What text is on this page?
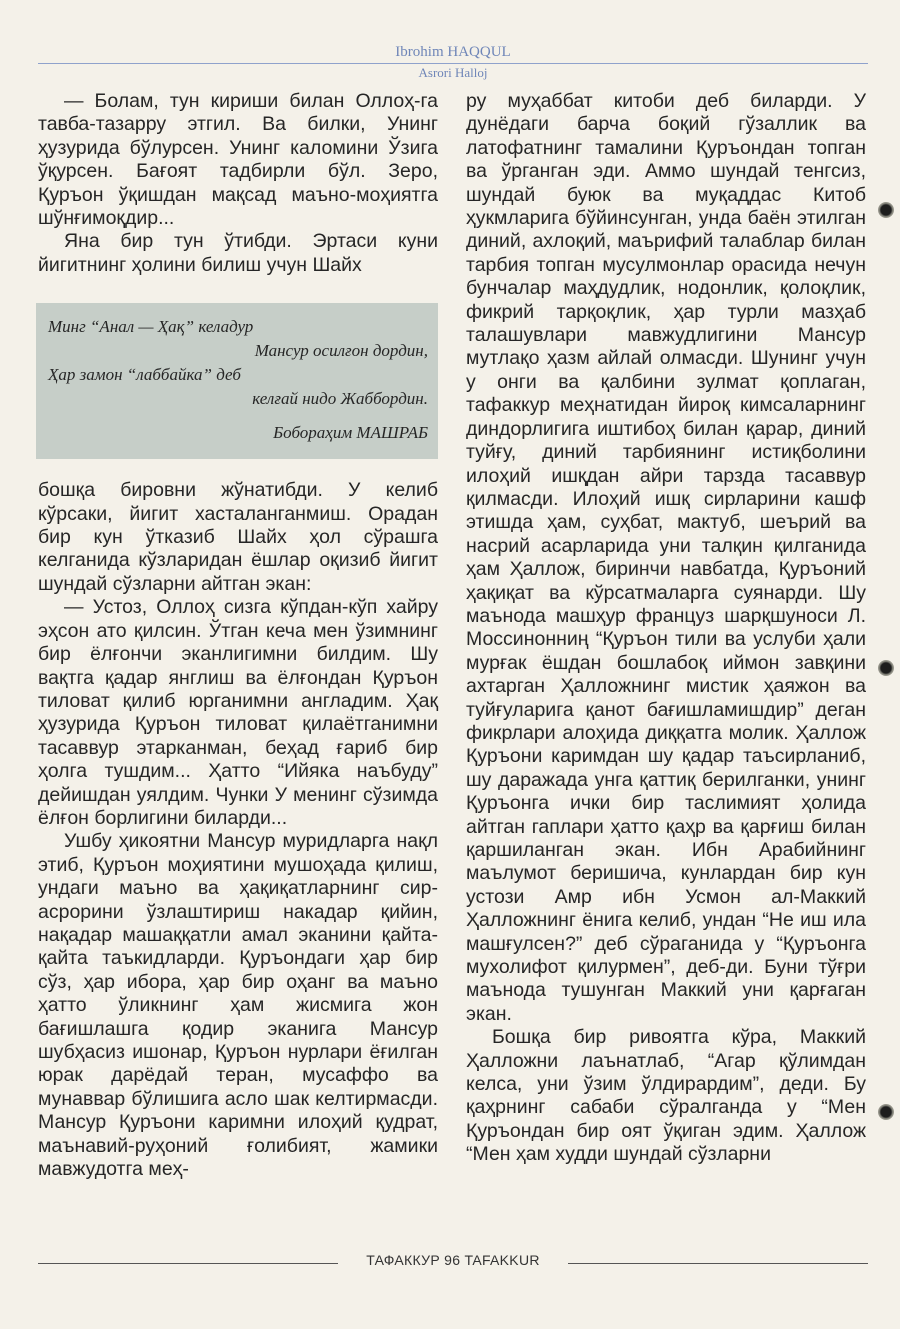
Ibrohim HAQQUL
Asrori Halloj

— Болам, тун кириши билан Оллоҳ-га тавба-тазарру этгил. Ва билки, Унинг ҳузурида бўлурсен. Унинг каломини Ўзига ўқурсен. Бағоят тадбирли бўл. Зеро, Қуръон ўқишдан мақсад маъно-моҳиятга шўнғимоқдир...

Яна бир тун ўтибди. Эртаси куни йигитнинг ҳолини билиш учун Шайх

Минг “Анал — Ҳақ” келадур
Мансур осилғон дордин,
Ҳар замон “лаббайка” деб
келғай нидо Жаббордин.
Бобораҳим МАШРАБ

бошқа бировни жўнатибди. У келиб кўрсаки, йигит хасталанганмиш. Орадан бир кун ўтказиб Шайх ҳол сўрашга келганида кўзларидан ёшлар оқизиб йигит шундай сўзларни айтган экан:

— Устоз, Оллоҳ сизга кўпдан-кўп хайру эҳсон ато қилсин. Ўтган кеча мен ўзимнинг бир ёлғончи эканлигимни билдим. Шу вақтга қадар янглиш ва ёлғондан Қуръон тиловат қилиб юрганимни англадим. Ҳақ ҳузурида Қуръон тиловат қилаётганимни тасаввур этарканман, беҳад ғариб бир ҳолга тушдим... Ҳатто “Ийяка наъбуду” дейишдан уялдим. Чунки У менинг сўзимда ёлғон борлигини биларди...

Ушбу ҳикоятни Мансур муридларга нақл этиб, Қуръон моҳиятини мушоҳада қилиш, ундаги маъно ва ҳақиқатларнинг сир-асрорини ўзлаштириш накадар қийин, нақадар машаққатли амал эканини қайта-қайта таъкидларди. Қуръондаги ҳар бир сўз, ҳар ибора, ҳар бир оҳанг ва маъно ҳатто ўликнинг ҳам жисмига жон бағишлашга қодир эканига Мансур шубҳасиз ишонар, Қуръон нурлари ёғилган юрак дарёдай теран, мусаффо ва мунаввар бўлишига асло шак келтирмасди. Мансур Қуръони каримни илоҳий қудрат, маънавий-руҳоний ғолибият, жамики мавжудотга меҳ-

ру муҳаббат китоби деб биларди. У дунёдаги барча боқий гўзаллик ва латофатнинг тамалини Қуръондан топган ва ўрганган эди. Аммо шундай тенгсиз, шундай буюк ва муқаддас Китоб ҳукмларига бўйинсунган, унда баён этилган диний, ахлоқий, маърифий талаблар билан тарбия топган мусулмонлар орасида нечун бунчалар маҳдудлик, нодонлик, қолоқлик, фикрий тарқоқлик, ҳар турли мазҳаб талашувлари мавжудлигини Мансур мутлақо ҳазм айлай олмасди. Шунинг учун у онги ва қалбини зулмат қоплаган, тафаккур меҳнатидан йироқ кимсаларнинг диндорлигига иштибоҳ билан қарар, диний туйғу, диний тарбиянинг истиқболини илоҳий ишқдан айри тарзда тасаввур қилмасди. Илоҳий ишқ сирларини кашф этишда ҳам, суҳбат, мактуб, шеърий ва насрий асарларида уни талқин қилганида ҳам Ҳаллож, биринчи навбатда, Қуръоний ҳақиқат ва кўрсатмаларга суянарди. Шу маънода машҳур француз шарқшуноси Л. Моссинонниң “Қуръон тили ва услуби ҳали мурғак ёшдан бошлабоқ иймон завқини ахтарган Ҳалложнинг мистик ҳаяжон ва туйғуларига қанот бағишламишдир” деган фикрлари алоҳида диққатга молик. Ҳаллож Қуръони каримдан шу қадар таъсирланиб, шу даражада унга қаттиқ берилганки, унинг Қуръонга ички бир таслимият ҳолида айтган гаплари ҳатто қаҳр ва қарғиш билан қаршиланган экан. Ибн Арабийнинг маълумот беришича, кунлардан бир кун устози Амр ибн Усмон ал-Маккий Ҳалложнинг ёнига келиб, ундан “Не иш ила машғулсен?” деб сўраганида у “Қуръонга мухолифот қилурмен”, деб-ди. Буни тўғри маънода тушунган Маккий уни қарғаган экан.

Бошқа бир ривоятга кўра, Маккий Ҳалложни лаънатлаб, “Агар қўлимдан келса, уни ўзим ўлдирардим”, деди. Бу қаҳрнинг сабаби сўралганда у “Мен Қуръондан бир оят ўқиган эдим. Ҳаллож “Мен ҳам худди шундай сўзларни

ТАФАККУР 96 TAFAKKUR
